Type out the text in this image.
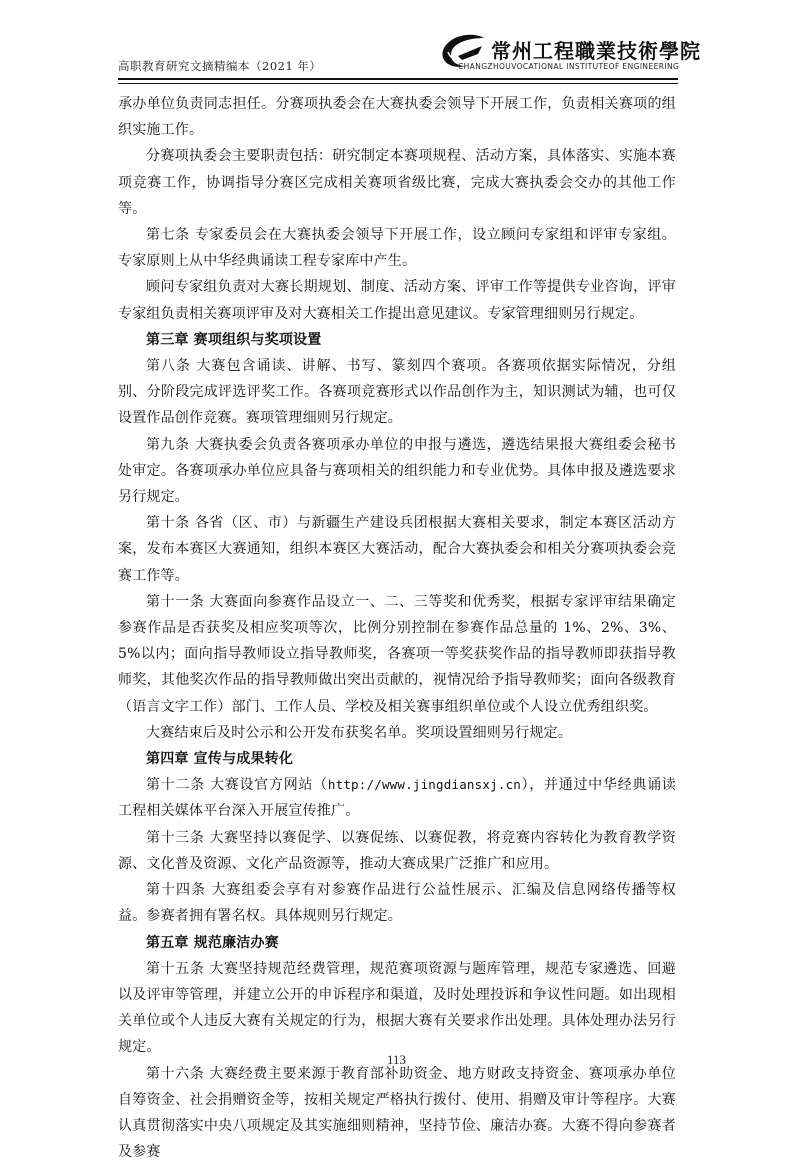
高职教育研究文摘精编本（2021 年）
常州工程職業技術學院
CHANGZHOUVOCATIONAL INSTITUTEOF ENGINEERING

承办单位负责同志担任。分赛项执委会在大赛执委会领导下开展工作，负责相关赛项的组织实施工作。

分赛项执委会主要职责包括：研究制定本赛项规程、活动方案，具体落实、实施本赛项竞赛工作，协调指导分赛区完成相关赛项省级比赛，完成大赛执委会交办的其他工作等。

第七条 专家委员会在大赛执委会领导下开展工作，设立顾问专家组和评审专家组。专家原则上从中华经典诵读工程专家库中产生。

顾问专家组负责对大赛长期规划、制度、活动方案、评审工作等提供专业咨询，评审专家组负责相关赛项评审及对大赛相关工作提出意见建议。专家管理细则另行规定。

第三章 赛项组织与奖项设置

第八条 大赛包含诵读、讲解、书写、篆刻四个赛项。各赛项依据实际情况，分组别、分阶段完成评选评奖工作。各赛项竞赛形式以作品创作为主，知识测试为辅，也可仅设置作品创作竞赛。赛项管理细则另行规定。

第九条 大赛执委会负责各赛项承办单位的申报与遴选，遴选结果报大赛组委会秘书处审定。各赛项承办单位应具备与赛项相关的组织能力和专业优势。具体申报及遴选要求另行规定。

第十条 各省（区、市）与新疆生产建设兵团根据大赛相关要求，制定本赛区活动方案，发布本赛区大赛通知，组织本赛区大赛活动，配合大赛执委会和相关分赛项执委会竞赛工作等。

第十一条 大赛面向参赛作品设立一、二、三等奖和优秀奖，根据专家评审结果确定参赛作品是否获奖及相应奖项等次，比例分别控制在参赛作品总量的 1%、2%、3%、5%以内；面向指导教师设立指导教师奖，各赛项一等奖获奖作品的指导教师即获指导教师奖，其他奖次作品的指导教师做出突出贡献的，视情况给予指导教师奖；面向各级教育（语言文字工作）部门、工作人员、学校及相关赛事组织单位或个人设立优秀组织奖。

大赛结束后及时公示和公开发布获奖名单。奖项设置细则另行规定。

第四章 宣传与成果转化

第十二条 大赛设官方网站（http://www.jingdiansxj.cn），并通过中华经典诵读工程相关媒体平台深入开展宣传推广。

第十三条 大赛坚持以赛促学、以赛促练、以赛促教，将竞赛内容转化为教育教学资源、文化普及资源、文化产品资源等，推动大赛成果广泛推广和应用。

第十四条 大赛组委会享有对参赛作品进行公益性展示、汇编及信息网络传播等权益。参赛者拥有署名权。具体规则另行规定。

第五章 规范廉洁办赛

第十五条 大赛坚持规范经费管理，规范赛项资源与题库管理，规范专家遴选、回避以及评审等管理，并建立公开的申诉程序和渠道，及时处理投诉和争议性问题。如出现相关单位或个人违反大赛有关规定的行为，根据大赛有关要求作出处理。具体处理办法另行规定。

第十六条 大赛经费主要来源于教育部补助资金、地方财政支持资金、赛项承办单位自筹资金、社会捐赠资金等，按相关规定严格执行拨付、使用、捐赠及审计等程序。大赛认真贯彻落实中央八项规定及其实施细则精神，坚持节俭、廉洁办赛。大赛不得向参赛者及参赛

113
